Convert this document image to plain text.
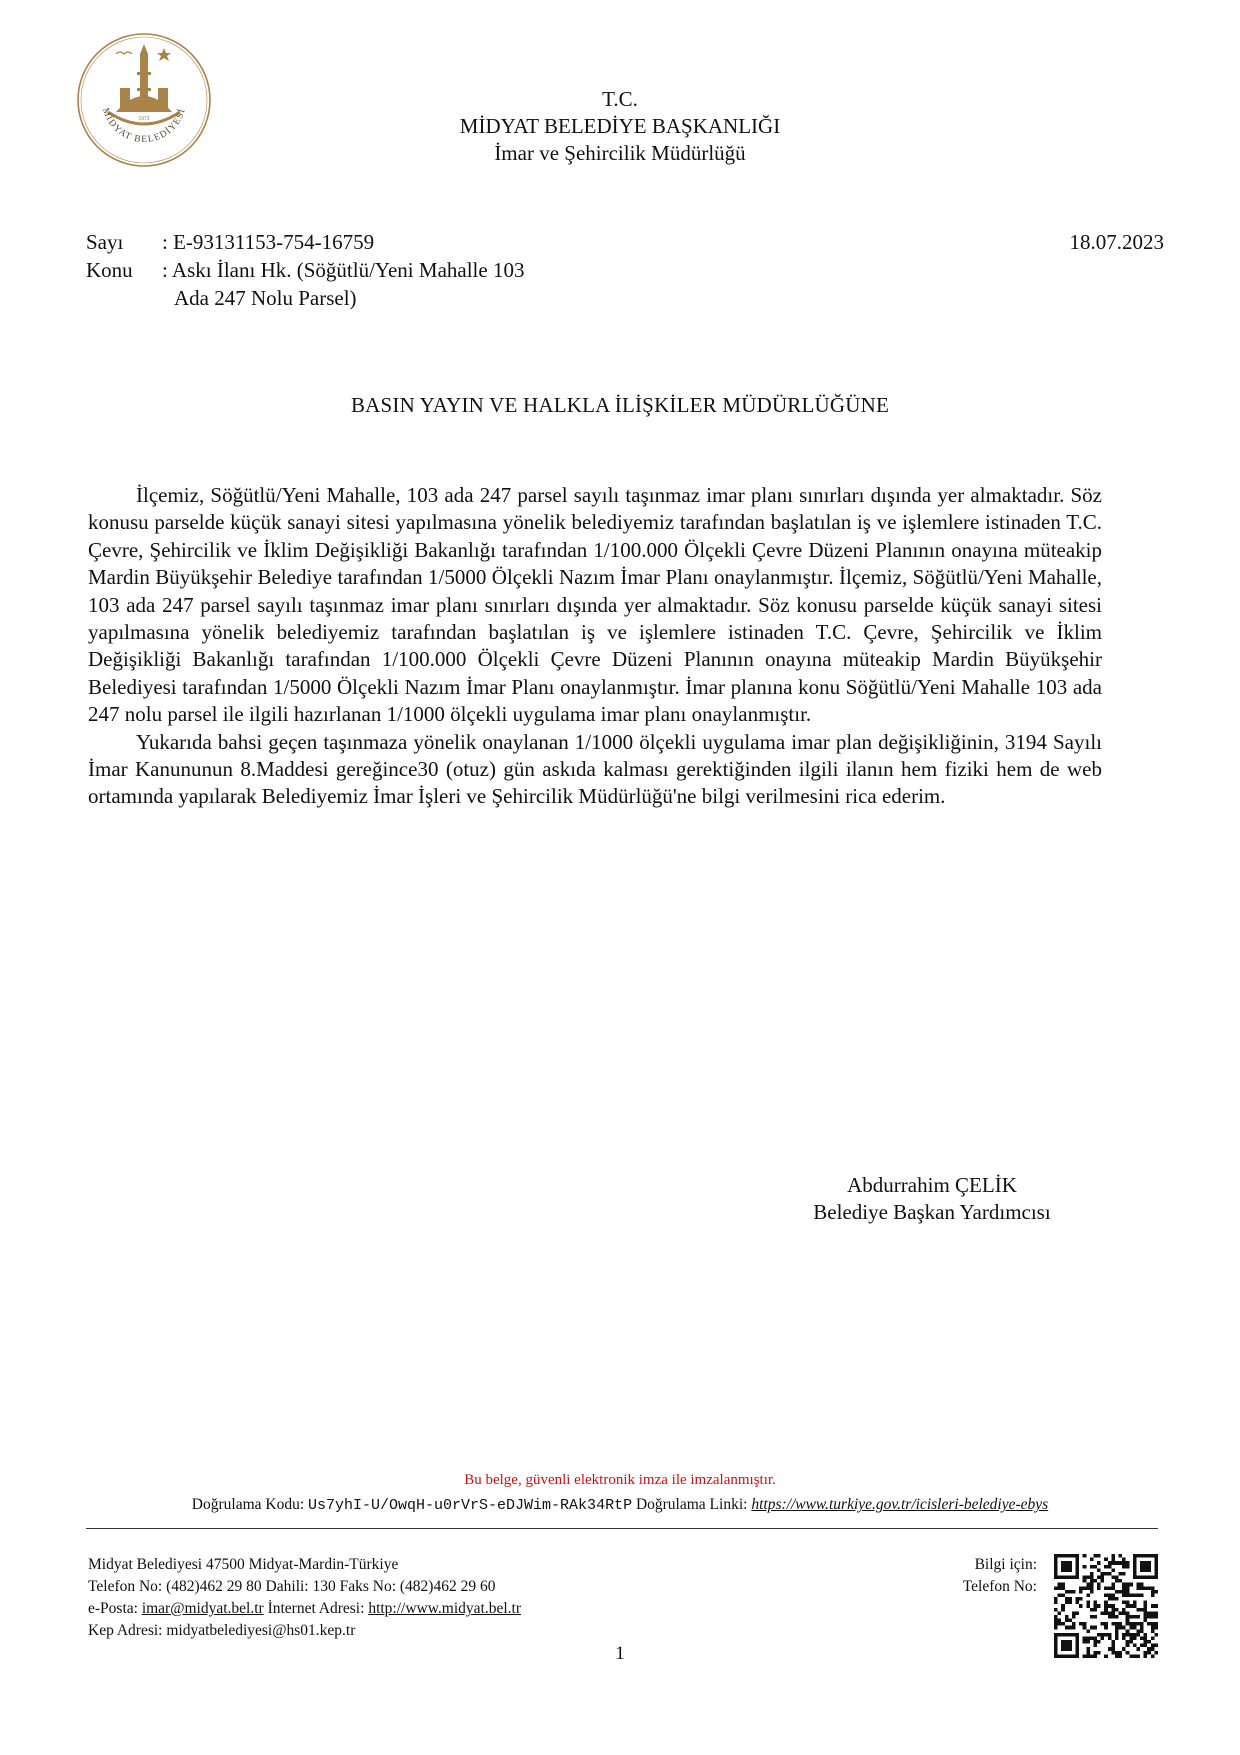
1973
MİDYAT BELEDİYESİ	T.C.
MİDYAT BELEDİYE BAŞKANLIĞI
İmar ve Şehircilik Müdürlüğü
Sayı : E-93131153-754-16759
Konu : Askı İlanı Hk. (Söğütlü/Yeni Mahalle 103
Ada 247 Nolu Parsel)
18.07.2023
BASIN YAYIN VE HALKLA İLİŞKİLER MÜDÜRLÜĞÜNE

İlçemiz, Söğütlü/Yeni Mahalle, 103 ada 247 parsel sayılı taşınmaz imar planı sınırları dışında yer almaktadır. Söz konusu parselde küçük sanayi sitesi yapılmasına yönelik belediyemiz tarafından başlatılan iş ve işlemlere istinaden T.C. Çevre, Şehircilik ve İklim Değişikliği Bakanlığı tarafından 1/100.000 Ölçekli Çevre Düzeni Planının onayına müteakip Mardin Büyükşehir Belediye tarafından 1/5000 Ölçekli Nazım İmar Planı onaylanmıştır. İlçemiz, Söğütlü/Yeni Mahalle, 103 ada 247 parsel sayılı taşınmaz imar planı sınırları dışında yer almaktadır. Söz konusu parselde küçük sanayi sitesi yapılmasına yönelik belediyemiz tarafından başlatılan iş ve işlemlere istinaden T.C. Çevre, Şehircilik ve İklim Değişikliği Bakanlığı tarafından 1/100.000 Ölçekli Çevre Düzeni Planının onayına müteakip Mardin Büyükşehir Belediyesi tarafından 1/5000 Ölçekli Nazım İmar Planı onaylanmıştır. İmar planına konu Söğütlü/Yeni Mahalle 103 ada 247 nolu parsel ile ilgili hazırlanan 1/1000 ölçekli uygulama imar planı onaylanmıştır.

Yukarıda bahsi geçen taşınmaza yönelik onaylanan 1/1000 ölçekli uygulama imar plan değişikliğinin, 3194 Sayılı İmar Kanununun 8.Maddesi gereğince30 (otuz) gün askıda kalması gerektiğinden ilgili ilanın hem fiziki hem de web ortamında yapılarak Belediyemiz İmar İşleri ve Şehircilik Müdürlüğü'ne bilgi verilmesini rica ederim.

Abdurrahim ÇELİK
Belediye Başkan Yardımcısı
Bu belge, güvenli elektronik imza ile imzalanmıştır.
Doğrulama Kodu: Us7yhI-U/OwqH-u0rVrS-eDJWim-RAk34RtP Doğrulama Linki: https://www.turkiye.gov.tr/icisleri-belediye-ebys
Midyat Belediyesi 47500 Midyat-Mardin-Türkiye
Telefon No: (482)462 29 80 Dahili: 130 Faks No: (482)462 29 60
e-Posta: imar@midyat.bel.tr İnternet Adresi: http://www.midyat.bel.tr
Kep Adresi: midyatbelediyesi@hs01.kep.tr
Bilgi için:
Telefon No:
1
